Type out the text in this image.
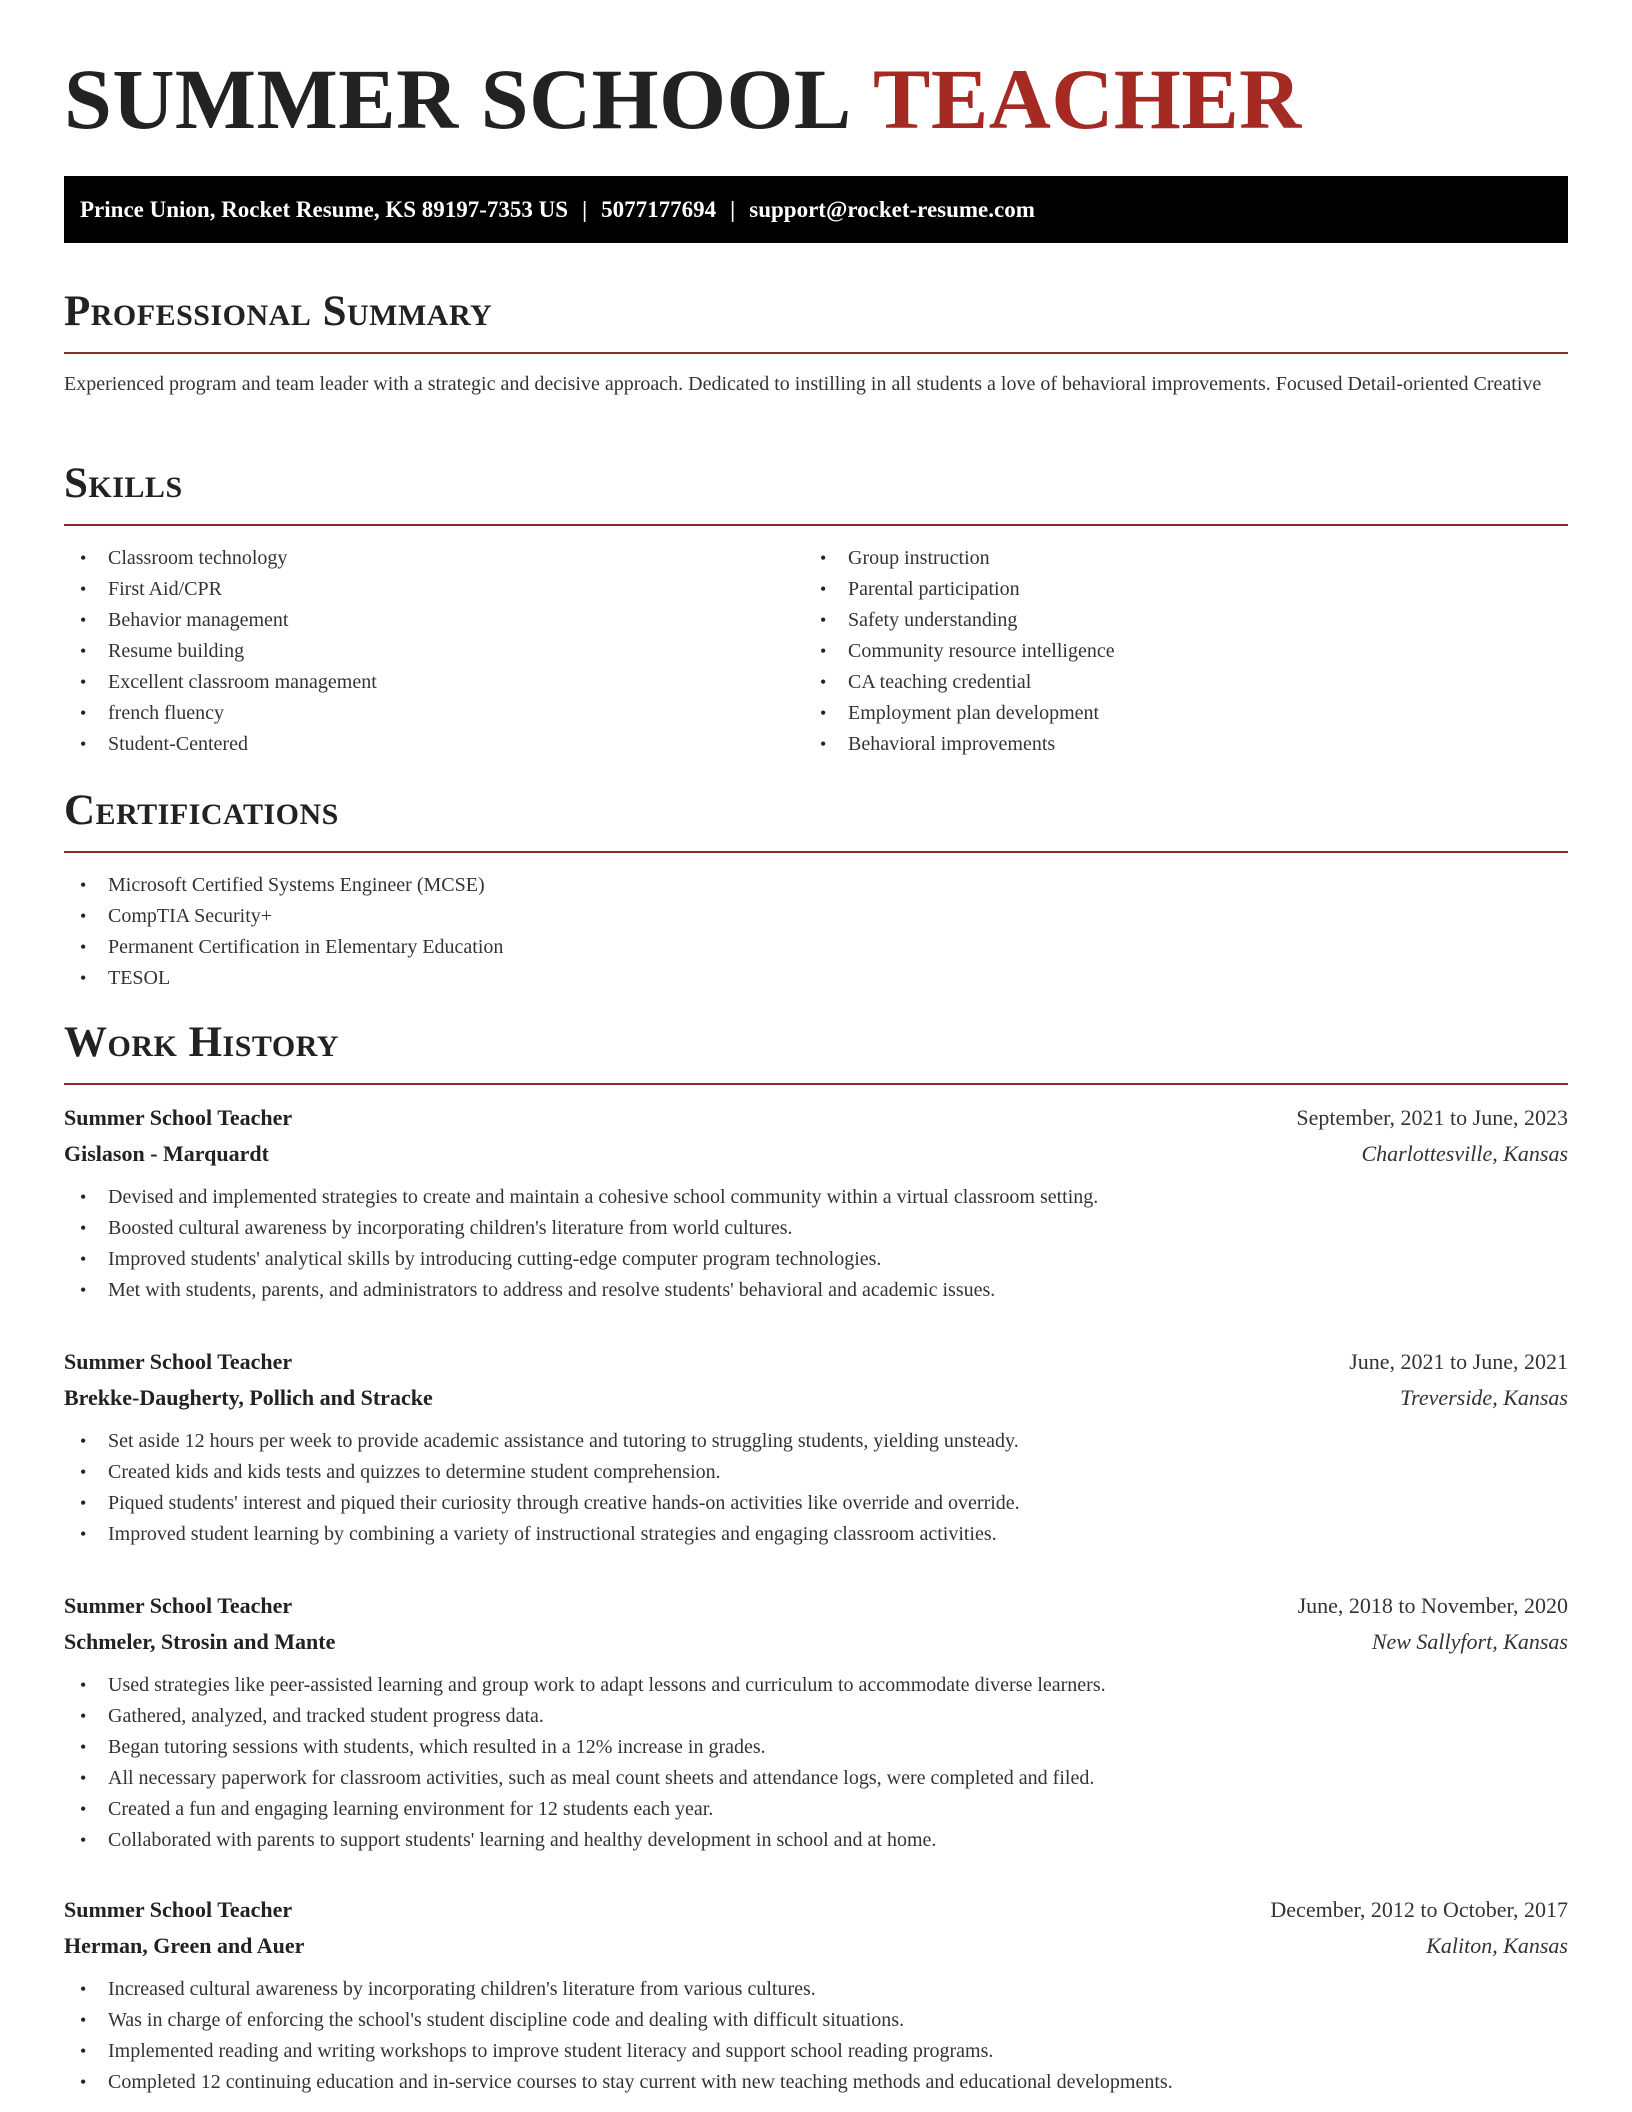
SUMMER SCHOOL TEACHER
Prince Union, Rocket Resume, KS 89197-7353 US | 5077177694 | support@rocket-resume.com
Professional Summary
Experienced program and team leader with a strategic and decisive approach. Dedicated to instilling in all students a love of behavioral improvements. Focused Detail-oriented Creative
Skills
• Classroom technology
• First Aid/CPR
• Behavior management
• Resume building
• Excellent classroom management
• french fluency
• Student-Centered
• Group instruction
• Parental participation
• Safety understanding
• Community resource intelligence
• CA teaching credential
• Employment plan development
• Behavioral improvements
Certifications
• Microsoft Certified Systems Engineer (MCSE)
• CompTIA Security+
• Permanent Certification in Elementary Education
• TESOL
Work History
Summer School Teacher	September, 2021 to June, 2023
Gislason - Marquardt	Charlottesville, Kansas
• Devised and implemented strategies to create and maintain a cohesive school community within a virtual classroom setting.
• Boosted cultural awareness by incorporating children's literature from world cultures.
• Improved students' analytical skills by introducing cutting-edge computer program technologies.
• Met with students, parents, and administrators to address and resolve students' behavioral and academic issues.
Summer School Teacher	June, 2021 to June, 2021
Brekke-Daugherty, Pollich and Stracke	Treverside, Kansas
• Set aside 12 hours per week to provide academic assistance and tutoring to struggling students, yielding unsteady.
• Created kids and kids tests and quizzes to determine student comprehension.
• Piqued students' interest and piqued their curiosity through creative hands-on activities like override and override.
• Improved student learning by combining a variety of instructional strategies and engaging classroom activities.
Summer School Teacher	June, 2018 to November, 2020
Schmeler, Strosin and Mante	New Sallyfort, Kansas
• Used strategies like peer-assisted learning and group work to adapt lessons and curriculum to accommodate diverse learners.
• Gathered, analyzed, and tracked student progress data.
• Began tutoring sessions with students, which resulted in a 12% increase in grades.
• All necessary paperwork for classroom activities, such as meal count sheets and attendance logs, were completed and filed.
• Created a fun and engaging learning environment for 12 students each year.
• Collaborated with parents to support students' learning and healthy development in school and at home.
Summer School Teacher	December, 2012 to October, 2017
Herman, Green and Auer	Kaliton, Kansas
• Increased cultural awareness by incorporating children's literature from various cultures.
• Was in charge of enforcing the school's student discipline code and dealing with difficult situations.
• Implemented reading and writing workshops to improve student literacy and support school reading programs.
• Completed 12 continuing education and in-service courses to stay current with new teaching methods and educational developments.
